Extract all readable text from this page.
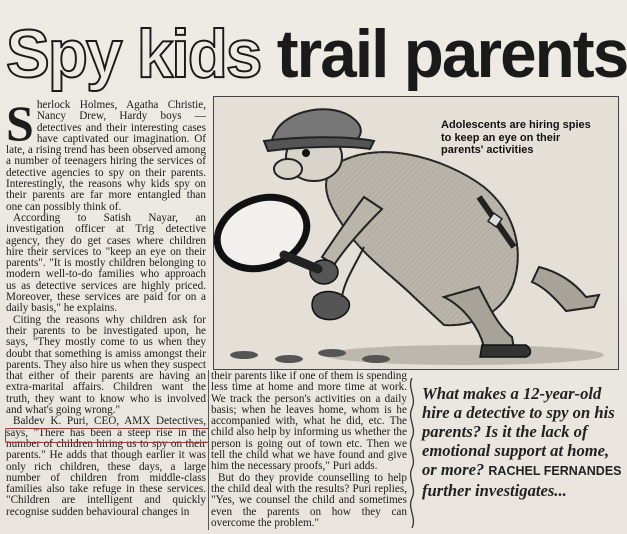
Spy kids trail parents

Sherlock Holmes, Agatha Christie, Nancy Drew, Hardy boys — detectives and their interesting cases have captivated our imagination. Of late, a rising trend has been observed among a number of teenagers hiring the services of detective agencies to spy on their parents. Interestingly, the reasons why kids spy on their parents are far more entangled than one can possibly think of.

According to Satish Nayar, an investigation officer at Trig detective agency, they do get cases where children hire their services to "keep an eye on their parents". "It is mostly children belonging to modern well-to-do families who approach us as detective services are highly priced. Moreover, these services are paid for on a daily basis," he explains.

Citing the reasons why children ask for their parents to be investigated upon, he says, "They mostly come to us when they doubt that something is amiss amongst their parents. They also hire us when they suspect that either of their parents are having an extra-marital affairs. Children want the truth, they want to know who is involved and what's going wrong."

Baldev K. Puri, CEO, AMX Detectives, says, "There has been a steep rise in the number of children hiring us to spy on their parents." He adds that though earlier it was only rich children, these days, a large number of children from middle-class families also take refuge in these services. "Children are intelligent and quickly recognise sudden behavioural changes in

Adolescents are hiring spies to keep an eye on their parents' activities

their parents like if one of them is spending less time at home and more time at work. We track the person's activities on a daily basis; when he leaves home, whom is he accompanied with, what he did, etc. The child also help by informing us whether the person is going out of town etc. Then we tell the child what we have found and give him the necessary proofs," Puri adds.

But do they provide counselling to help the child deal with the results? Puri replies, "Yes, we counsel the child and sometimes even the parents on how they can overcome the problem."

What makes a 12-year-old hire a detective to spy on his parents? Is it the lack of emotional support at home, or more? RACHEL FERNANDES further investigates...
